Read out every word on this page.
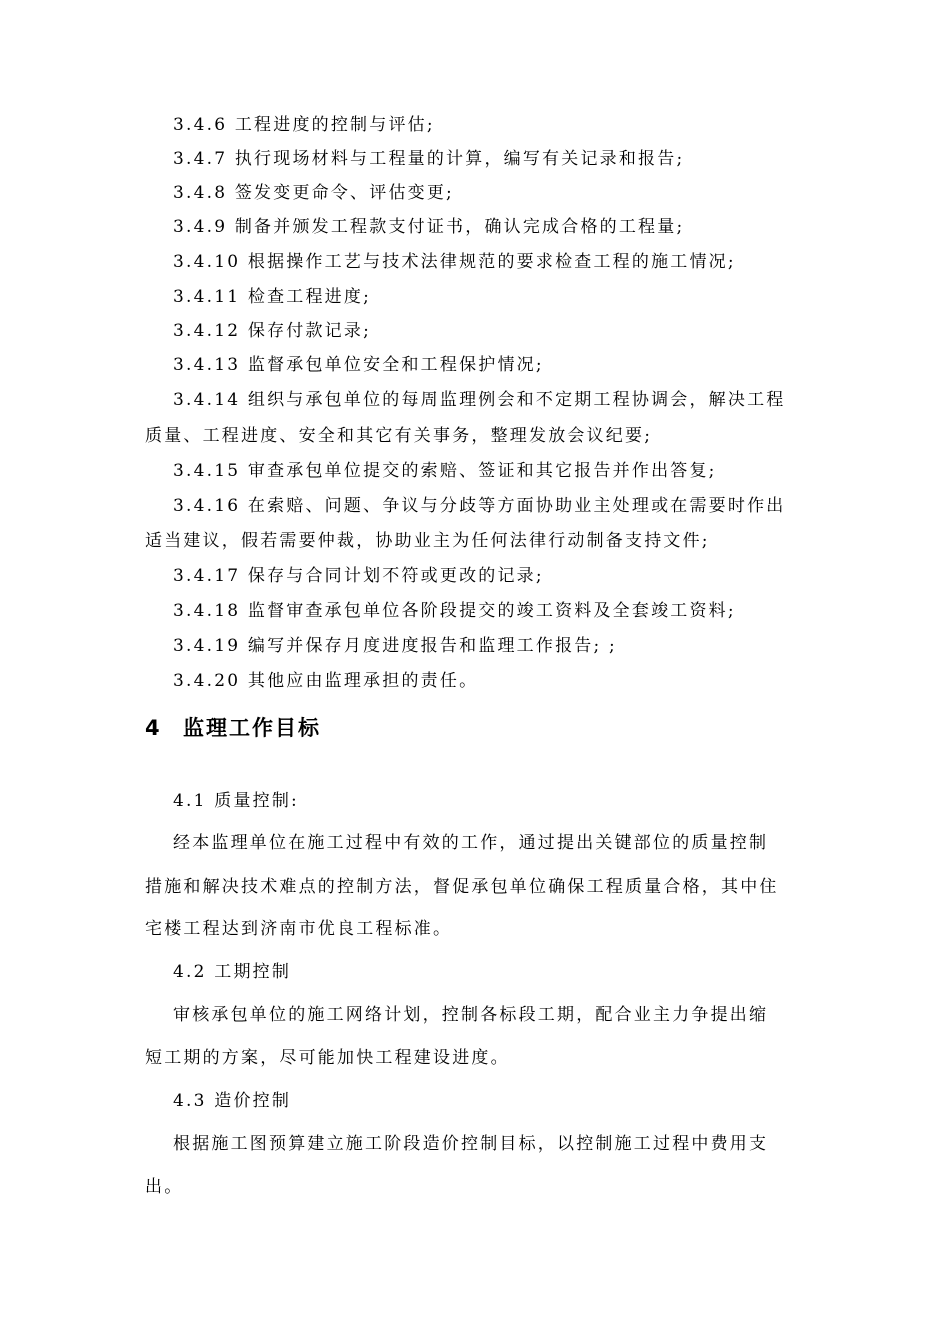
3.4.6 工程进度的控制与评估;
3.4.7 执行现场材料与工程量的计算，编写有关记录和报告;
3.4.8 签发变更命令、评估变更;
3.4.9 制备并颁发工程款支付证书，确认完成合格的工程量;
3.4.10 根据操作工艺与技术法律规范的要求检查工程的施工情况;
3.4.11 检查工程进度;
3.4.12 保存付款记录;
3.4.13 监督承包单位安全和工程保护情况;
3.4.14 组织与承包单位的每周监理例会和不定期工程协调会，解决工程
质量、工程进度、安全和其它有关事务，整理发放会议纪要;
3.4.15 审查承包单位提交的索赔、签证和其它报告并作出答复;
3.4.16 在索赔、问题、争议与分歧等方面协助业主处理或在需要时作出
适当建议，假若需要仲裁，协助业主为任何法律行动制备支持文件;
3.4.17 保存与合同计划不符或更改的记录;
3.4.18 监督审查承包单位各阶段提交的竣工资料及全套竣工资料;
3.4.19 编写并保存月度进度报告和监理工作报告; ;
3.4.20 其他应由监理承担的责任。
4 监理工作目标
4.1 质量控制:
经本监理单位在施工过程中有效的工作，通过提出关键部位的质量控制
措施和解决技术难点的控制方法，督促承包单位确保工程质量合格，其中住
宅楼工程达到济南市优良工程标准。
4.2 工期控制
审核承包单位的施工网络计划，控制各标段工期，配合业主力争提出缩
短工期的方案，尽可能加快工程建设进度。
4.3 造价控制
根据施工图预算建立施工阶段造价控制目标，以控制施工过程中费用支
出。
